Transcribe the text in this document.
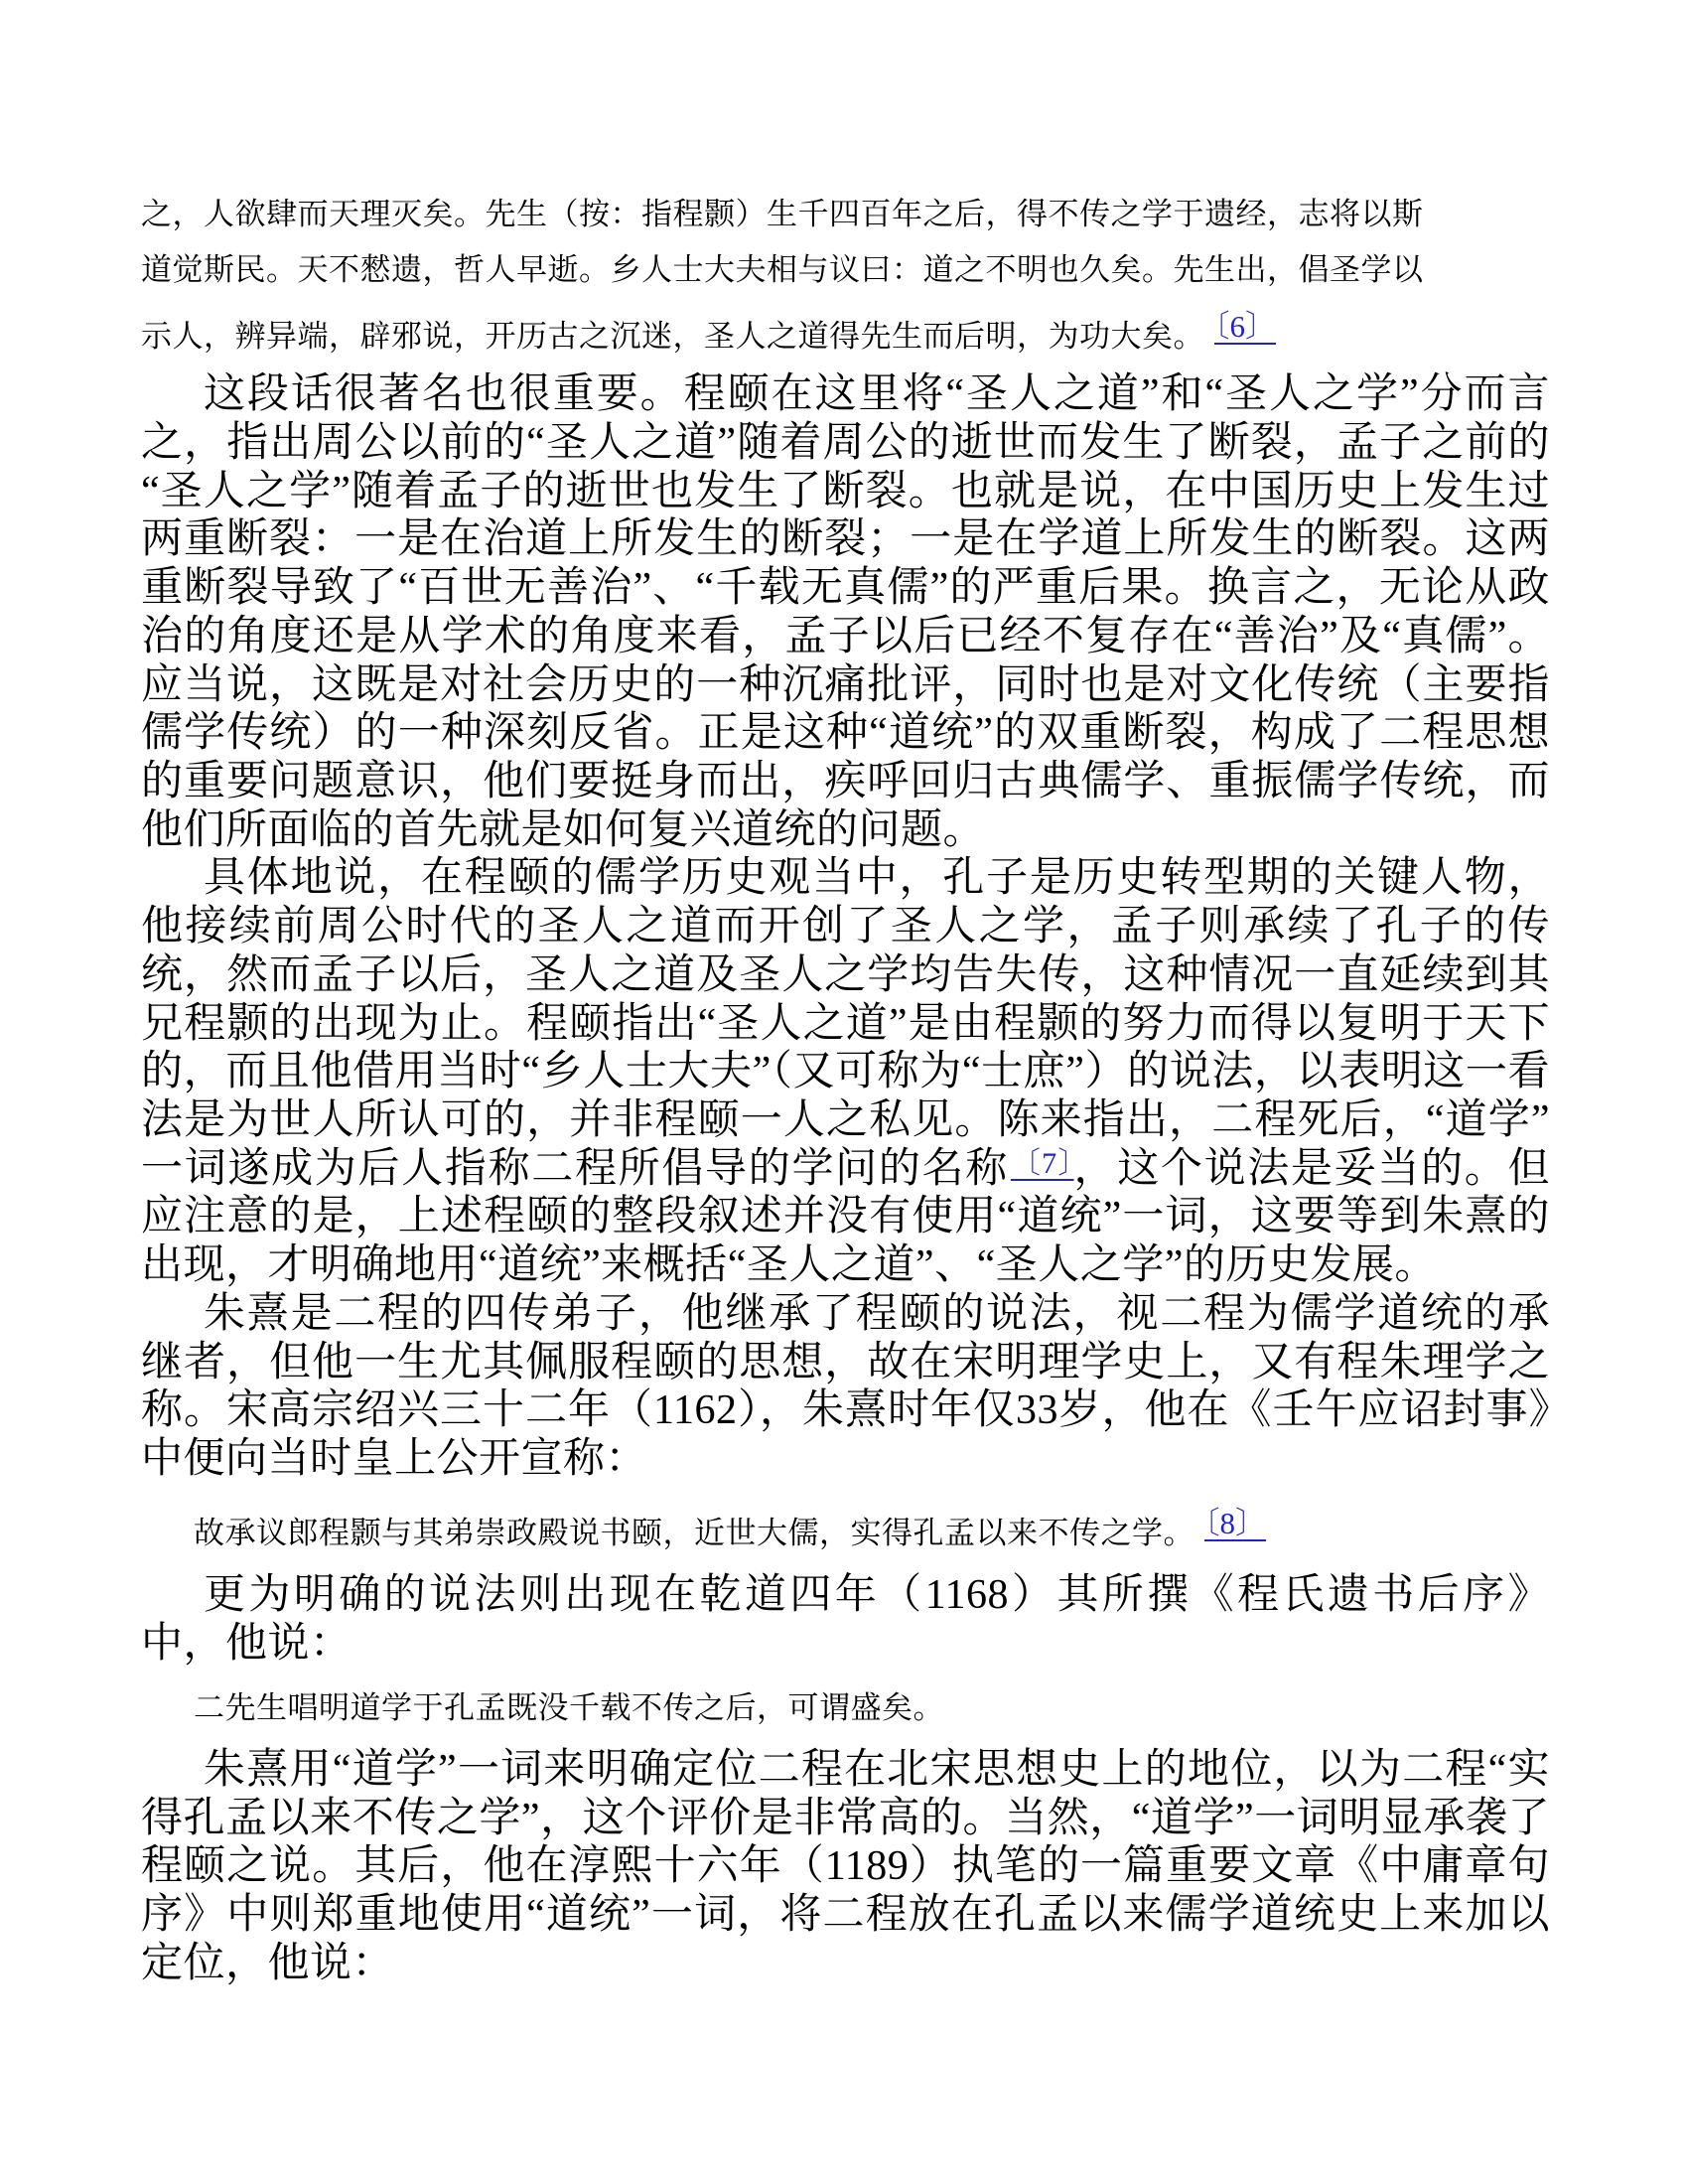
之，人欲肆而天理灭矣。先生（按：指程颢）生千四百年之后，得不传之学于遗经，志将以斯道觉斯民。天不憖遗，哲人早逝。乡人士大夫相与议曰：道之不明也久矣。先生出，倡圣学以示人，辨异端，辟邪说，开历古之沉迷，圣人之道得先生而后明，为功大矣。 〔6〕

这段话很著名也很重要。程颐在这里将“圣人之道”和“圣人之学”分而言之，指出周公以前的“圣人之道”随着周公的逝世而发生了断裂，孟子之前的“圣人之学”随着孟子的逝世也发生了断裂。也就是说，在中国历史上发生过两重断裂：一是在治道上所发生的断裂；一是在学道上所发生的断裂。这两重断裂导致了“百世无善治”、“千载无真儒”的严重后果。换言之，无论从政治的角度还是从学术的角度来看，孟子以后已经不复存在“善治”及“真儒”。应当说，这既是对社会历史的一种沉痛批评，同时也是对文化传统（主要指儒学传统）的一种深刻反省。正是这种“道统”的双重断裂，构成了二程思想的重要问题意识，他们要挺身而出，疾呼回归古典儒学、重振儒学传统，而他们所面临的首先就是如何复兴道统的问题。

具体地说，在程颐的儒学历史观当中，孔子是历史转型期的关键人物，他接续前周公时代的圣人之道而开创了圣人之学，孟子则承续了孔子的传统，然而孟子以后，圣人之道及圣人之学均告失传，这种情况一直延续到其兄程颢的出现为止。程颐指出“圣人之道”是由程颢的努力而得以复明于天下的，而且他借用当时“乡人士大夫”（又可称为“士庶”）的说法，以表明这一看法是为世人所认可的，并非程颐一人之私见。陈来指出，二程死后，“道学”一词遂成为后人指称二程所倡导的学问的名称$^{〔7〕}$，这个说法是妥当的。但应注意的是，上述程颐的整段叙述并没有使用“道统”一词，这要等到朱熹的出现，才明确地用“道统”来概括“圣人之道”、“圣人之学”的历史发展。

朱熹是二程的四传弟子，他继承了程颐的说法，视二程为儒学道统的承继者，但他一生尤其佩服程颐的思想，故在宋明理学史上，又有程朱理学之称。宋高宗绍兴三十二年（1162），朱熹时年仅33岁，他在《壬午应诏封事》中便向当时皇上公开宣称：

故承议郎程颢与其弟崇政殿说书颐，近世大儒，实得孔孟以来不传之学。 〔8〕

更为明确的说法则出现在乾道四年（1168）其所撰《程氏遗书后序》中，他说：

二先生唱明道学于孔孟既没千载不传之后，可谓盛矣。

朱熹用“道学”一词来明确定位二程在北宋思想史上的地位，以为二程“实得孔孟以来不传之学”，这个评价是非常高的。当然，“道学”一词明显承袭了程颐之说。其后，他在淳熙十六年（1189）执笔的一篇重要文章《中庸章句序》中则郑重地使用“道统”一词，将二程放在孔孟以来儒学道统史上来加以定位，他说：
